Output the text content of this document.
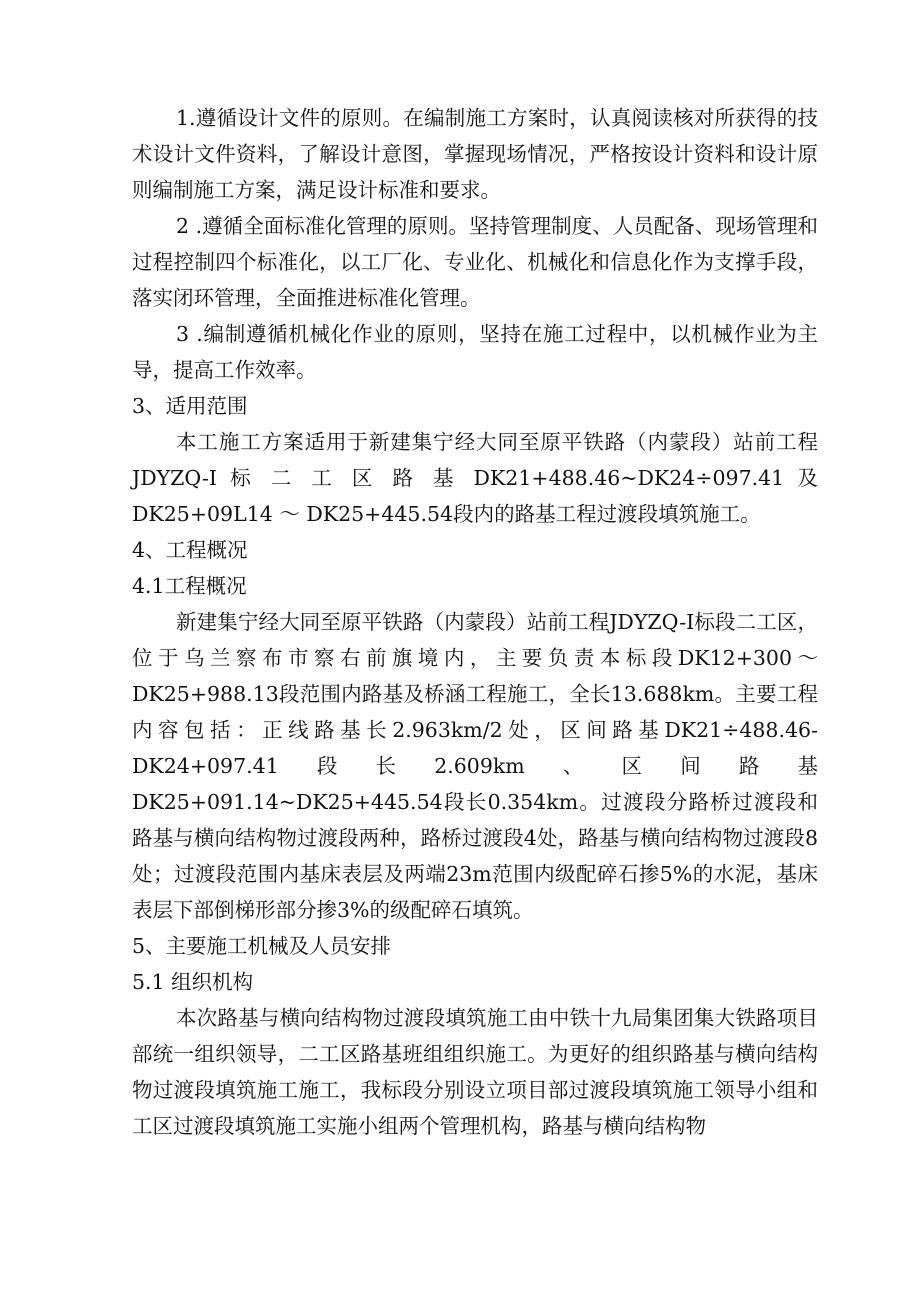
1.遵循设计文件的原则。在编制施工方案时，认真阅读核对所获得的技术设计文件资料，了解设计意图，掌握现场情况，严格按设计资料和设计原则编制施工方案，满足设计标准和要求。

2 .遵循全面标准化管理的原则。坚持管理制度、人员配备、现场管理和过程控制四个标准化，以工厂化、专业化、机械化和信息化作为支撑手段，落实闭环管理，全面推进标准化管理。

3 .编制遵循机械化作业的原则，坚持在施工过程中，以机械作业为主导，提高工作效率。

3、适用范围

本工施工方案适用于新建集宁经大同至原平铁路（内蒙段）站前工程JDYZQ-I 标 二 工 区 路 基 DK21+488.46~DK24÷097.41 及 DK25+09L14 ～ DK25+445.54段内的路基工程过渡段填筑施工。

4、工程概况

4.1工程概况

新建集宁经大同至原平铁路（内蒙段）站前工程JDYZQ-I标段二工区，位于乌兰察布市察右前旗境内，主要负责本标段DK12+300～DK25+988.13段范围内路基及桥涵工程施工，全长13.688km。主要工程内容包括：正线路基长2.963km∕2处，区间路基DK21÷488.46-DK24+097.41段长2.609km、区间路基DK25+091.14~DK25+445.54段长0.354km。过渡段分路桥过渡段和路基与横向结构物过渡段两种，路桥过渡段4处，路基与横向结构物过渡段8处；过渡段范围内基床表层及两端23m范围内级配碎石掺5%的水泥，基床表层下部倒梯形部分掺3%的级配碎石填筑。

5、主要施工机械及人员安排

5.1 组织机构

本次路基与横向结构物过渡段填筑施工由中铁十九局集团集大铁路项目部统一组织领导，二工区路基班组组织施工。为更好的组织路基与横向结构物过渡段填筑施工施工，我标段分别设立项目部过渡段填筑施工领导小组和工区过渡段填筑施工实施小组两个管理机构，路基与横向结构物
